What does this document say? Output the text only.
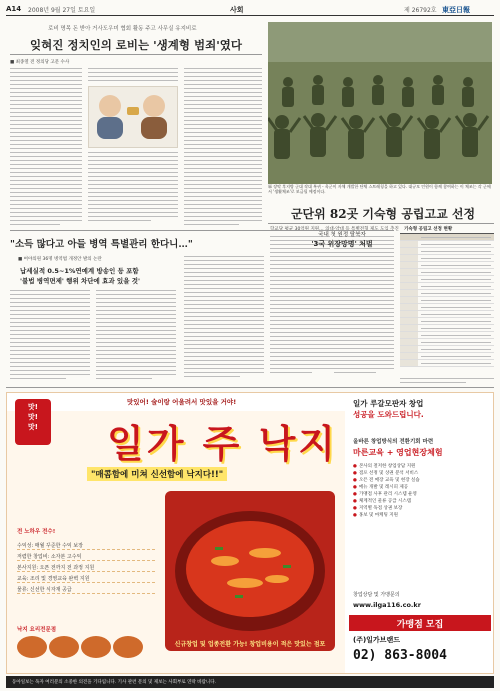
A14 2008년 9월 27일 토요일	사회	제 26792호 東亞日報
로비 명목 돈 받아 거사도우미 협회 활동 주고 사무실 유지비로
잊혀진 정치인의 로비는 '생계형 범죄'였다
■ 최종열 전 정의당 고문 수사
軍 장악 후지방 군대 작대 복귀 - 육군이 자체 개발한 단체 스트레칭을 하고 있다. 대규모 인원이 함께 참여하는 이 체조는 각 군에서 '생활체조'로 보급될 예정이다.
군단위 82곳 기숙형 공립고교 선정
학교당 평균 30억원 지원… 의대·약대 등 특별전형 제도 도입 추진 기숙형 공립고 선정 현황
"소득 많다고 아들 병역 특별관리 한다니…"
■ 여야의원 36명 병역법 개정안 발의 논란
납세실적 0.5~1%연예계 방송인 등 포함
'불법 병역면제' 행위 차단에 효과 있을 것'
국내 첫 원정 탈북자
'3국 위장망명' 처벌
맛있어! 술이랑 어울려서 맛있을 거야!
일가 주 낙지
"매콤함에 미쳐 신선함에 낙지다!!"
맛!
맛!
맛!
전 노하우 전수!
수익성: 매월 꾸준한 수익 보장
저렴한 창업비: 소자본 고수익
본사지원: 오픈 전까지 전 과정 지원
교육: 조리 및 경영교육 완벽 지원
물류: 신선한 식자재 공급
낙지 요리전문점
신규창업 및 업종전환 가능! 창업비용이 적은 맛있는 점포
일가 루갈모판자 창업
성공을 도와드립니다.
올바른 창업방식의 전환기회 마련
마른교육 + 영업현장체험
● 본사의 철저한 창업상담 지원
● 점포 선정 및 상권 분석 서비스
● 오픈 전 매장 교육 및 현장 실습
● 메뉴 개발 및 레시피 제공
● 가맹점 사후 관리 시스템 운영
● 체계적인 물류 공급 시스템
● 지역별 독점 상권 보장
● 홍보 및 마케팅 지원
창업상담 및 가맹문의
www.ilga116.co.kr
가맹점 모집
(주)일가브랜드
02) 863-8004
동아일보는 독자 여러분의 소중한 의견을 기다립니다. 기사 관련 문의 및 제보는 사회부로 연락 바랍니다.
